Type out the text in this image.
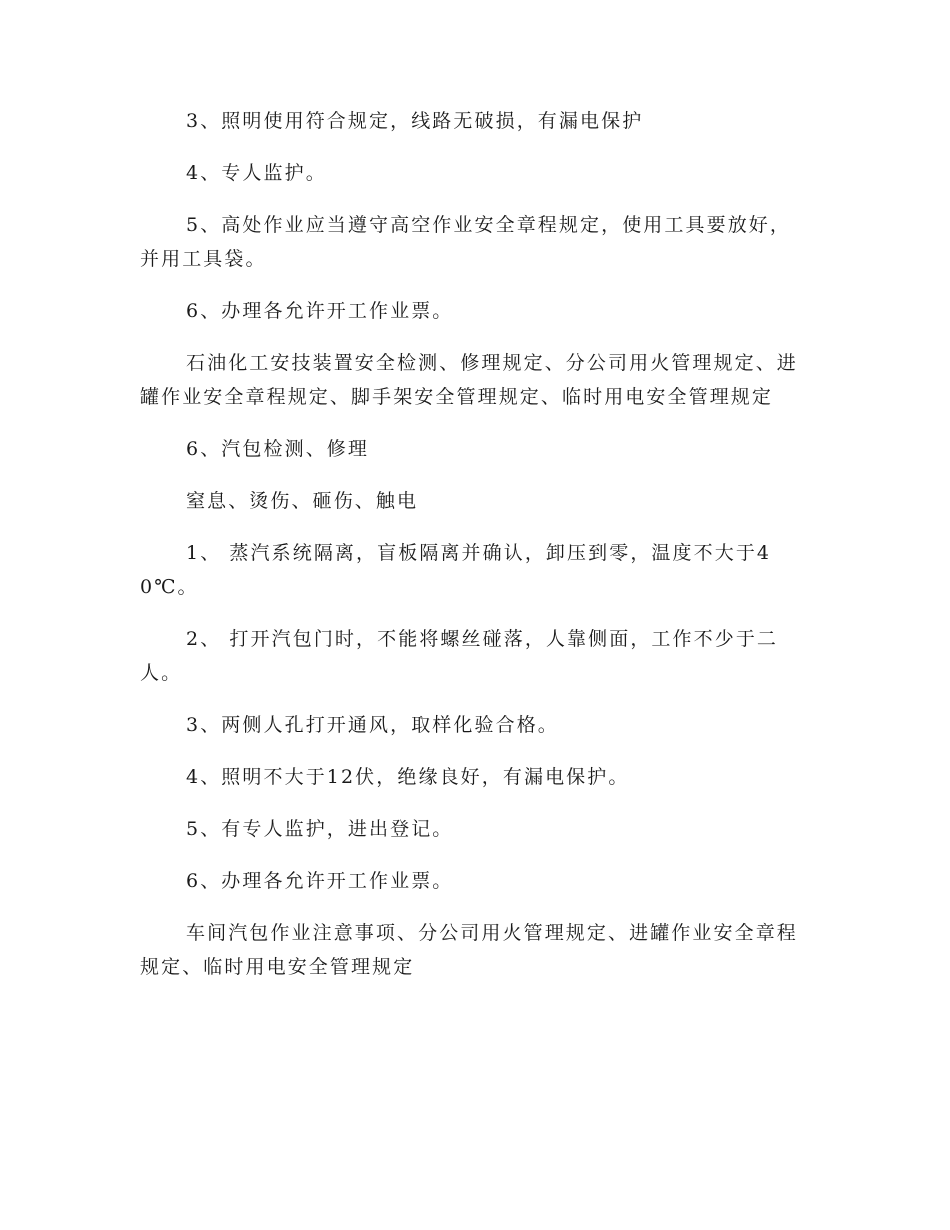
3、照明使用符合规定，线路无破损，有漏电保护

4、专人监护。

5、高处作业应当遵守高空作业安全章程规定，使用工具要放好，并用工具袋。

6、办理各允许开工作业票。

石油化工安技装置安全检测、修理规定、分公司用火管理规定、进罐作业安全章程规定、脚手架安全管理规定、临时用电安全管理规定

6、汽包检测、修理

窒息、烫伤、砸伤、触电

1、 蒸汽系统隔离，盲板隔离并确认，卸压到零，温度不大于40℃。

2、 打开汽包门时，不能将螺丝碰落，人靠侧面，工作不少于二人。

3、两侧人孔打开通风，取样化验合格。

4、照明不大于12伏，绝缘良好，有漏电保护。

5、有专人监护，进出登记。

6、办理各允许开工作业票。

车间汽包作业注意事项、分公司用火管理规定、进罐作业安全章程规定、临时用电安全管理规定
